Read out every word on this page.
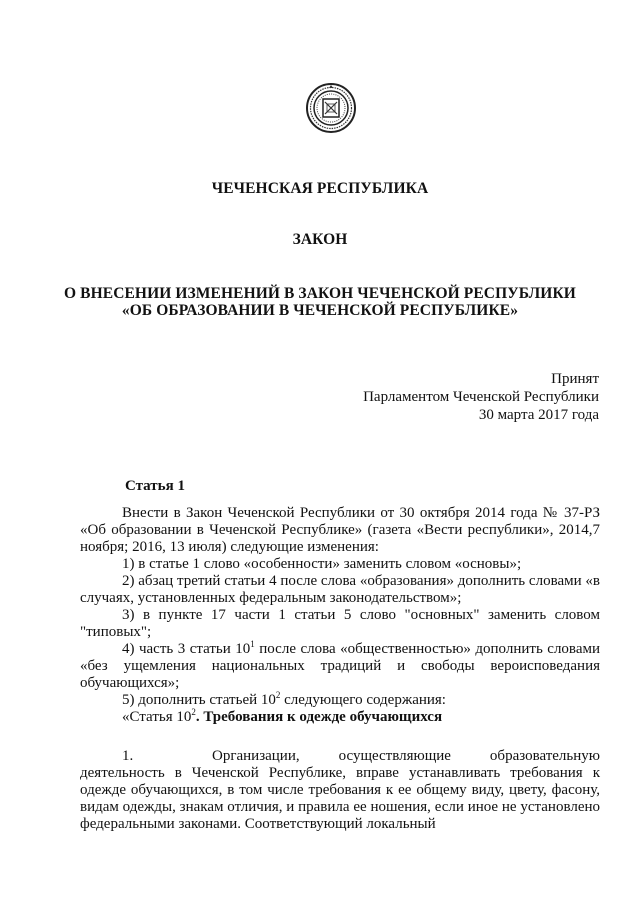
ЧЕЧЕНСКАЯ РЕСПУБЛИКА
ЗАКОН
О ВНЕСЕНИИ ИЗМЕНЕНИЙ В ЗАКОН ЧЕЧЕНСКОЙ РЕСПУБЛИКИ
«ОБ ОБРАЗОВАНИИ В ЧЕЧЕНСКОЙ РЕСПУБЛИКЕ»
Принят
Парламентом Чеченской Республики
30 марта 2017 года
Статья 1

Внести в Закон Чеченской Республики от 30 октября 2014 года № 37-РЗ «Об образовании в Чеченской Республике» (газета «Вести республики», 2014,7 ноября; 2016, 13 июля) следующие изменения:

1) в статье 1 слово «особенности» заменить словом «основы»;

2) абзац третий статьи 4 после слова «образования» дополнить словами «в случаях, установленных федеральным законодательством»;

3) в пункте 17 части 1 статьи 5 слово "основных" заменить словом "типовых";

4) часть 3 статьи $10^1$ после слова «общественностью» дополнить словами «без ущемления национальных традиций и свободы вероисповедания обучающихся»;

5) дополнить статьей $10^2$ следующего содержания:

«Статья $10^2$. Требования к одежде обучающихся

1.	Организации, осуществляющие образовательную деятельность в Чеченской Республике, вправе устанавливать требования к одежде обучающихся, в том числе требования к ее общему виду, цвету, фасону, видам одежды, знакам отличия, и правила ее ношения, если иное не установлено федеральными законами. Соответствующий локальный
